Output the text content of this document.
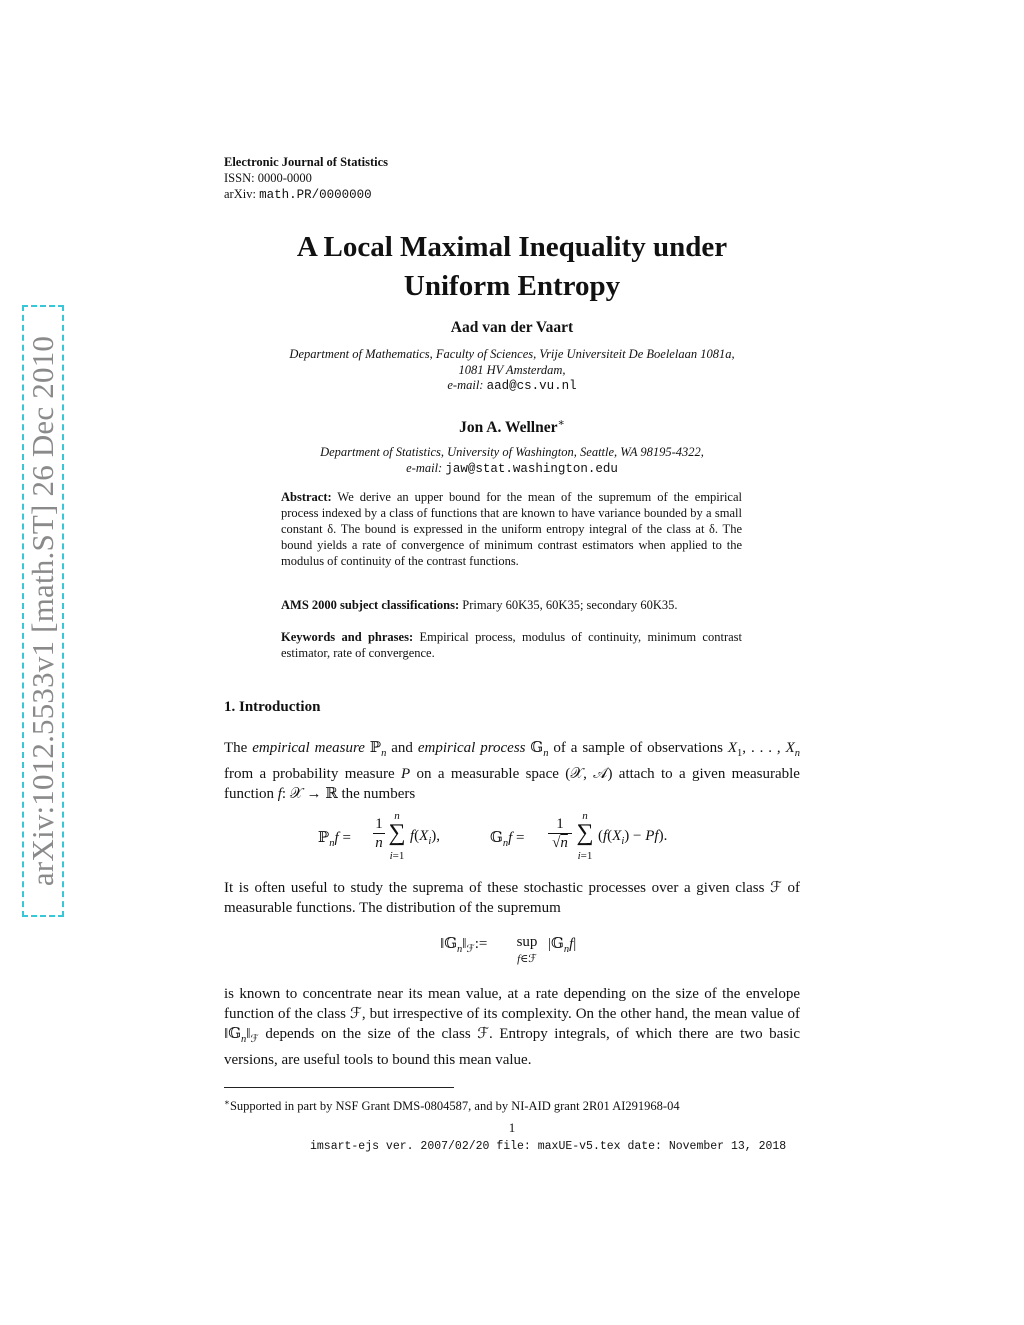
arXiv:1012.5533v1 [math.ST] 26 Dec 2010
Electronic Journal of Statistics
ISSN: 0000-0000
arXiv: math.PR/0000000
A Local Maximal Inequality under
Uniform Entropy
Aad van der Vaart
Department of Mathematics, Faculty of Sciences, Vrije Universiteit De Boelelaan 1081a,
1081 HV Amsterdam,
e-mail: aad@cs.vu.nl
Jon A. Wellner∗
Department of Statistics, University of Washington, Seattle, WA 98195-4322,
e-mail: jaw@stat.washington.edu
Abstract: We derive an upper bound for the mean of the supremum of the empirical process indexed by a class of functions that are known to have variance bounded by a small constant δ. The bound is expressed in the uniform entropy integral of the class at δ. The bound yields a rate of convergence of minimum contrast estimators when applied to the modulus of continuity of the contrast functions.
AMS 2000 subject classifications: Primary 60K35, 60K35; secondary 60K35.
Keywords and phrases: Empirical process, modulus of continuity, minimum contrast estimator, rate of convergence.
1. Introduction
The empirical measure ℙ$_n$ and empirical process 𝔾$_n$ of a sample of observations $X_1$, . . . , $X_n$ from a probability measure P on a measurable space (𝒳, 𝒜) attach to a given measurable function f: 𝒳 → ℝ the numbers
ℙ$_n$f =
1
n
n
∑
i=1
$f(X_i)$,	𝔾$_n$f =
1
√n
n
∑
i=1
$(f(X_i) - Pf)$.
It is often useful to study the suprema of these stochastic processes over a given class ℱ of measurable functions. The distribution of the supremum
$‖𝔾_n‖_ℱ:=$	sup
f∈ℱ
|𝔾$_n$f|
is known to concentrate near its mean value, at a rate depending on the size of the envelope function of the class ℱ, but irrespective of its complexity. On the other hand, the mean value of $‖𝔾_n‖_ℱ$ depends on the size of the class ℱ. Entropy integrals, of which there are two basic versions, are useful tools to bound this mean value.
∗Supported in part by NSF Grant DMS-0804587, and by NI-AID grant 2R01 AI291968-04
1
imsart-ejs ver. 2007/02/20 file: maxUE-v5.tex date: November 13, 2018
